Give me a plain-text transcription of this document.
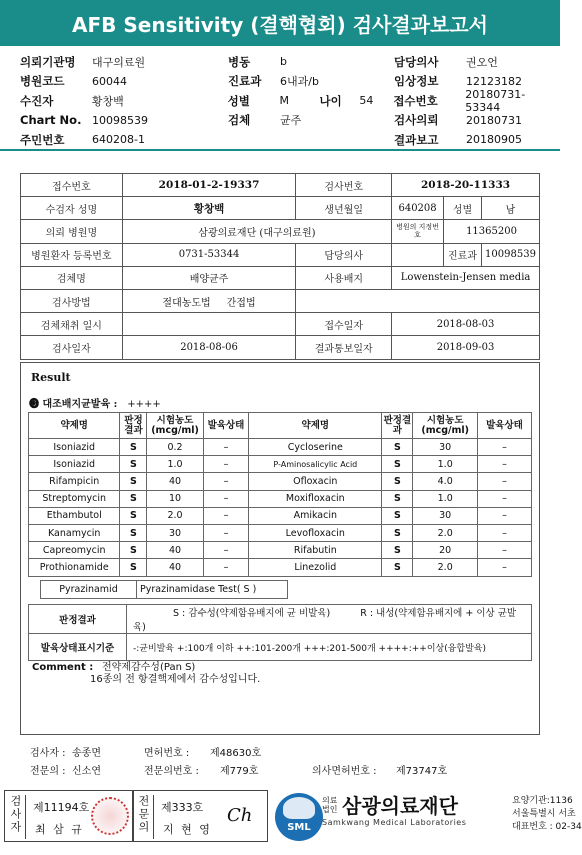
AFB Sensitivity (결핵협회) 검사결과보고서
의뢰기관명	대구의료원	병동	b	담당의사	권오언
병원코드	60044	진료과	6내과/b	임상정보	12123182
수진자	황창백	성별	M	나이	54	접수번호	20180731-53344
Chart No. 10098539	검체	균주	검사의뢰	20180731
주민번호	640208-1	결과보고	20180905
접수번호	2018-01-2-19337	검사번호	2018-20-11333		
수검자 성명	황창백	생년월일	640208	성별	남
의뢰 병원명	삼광의료재단 (대구의료원)		병원의 지정번호	11365200	
병원환자 등록번호	0731-53344	담당의사		진료과	10098539
검체명	배양균주	사용배지	Lowenstein-Jensen media		
검사방법	절대농도법 간접법				
검체채취 일시		접수일자	2018-08-03		
검사일자	2018-08-06	결과통보일자	2018-09-03		
Result
❸ 대조배지균발육 : ++++
약제명	판정결과	시험농도 (mcg/ml)	발육상태	약제명	판정결과	시험농도 (mcg/ml)	발육상태
Isoniazid	S	0.2	–	Cycloserine	S	30	–
Isoniazid	S	1.0	–	P-Aminosalicylic Acid	S	1.0	–
Rifampicin	S	40	–	Ofloxacin	S	4.0	–
Streptomycin	S	10	–	Moxifloxacin	S	1.0	–
Ethambutol	S	2.0	–	Amikacin	S	30	–
Kanamycin	S	30	–	Levofloxacin	S	2.0	–
Capreomycin	S	40	–	Rifabutin	S	20	–
Prothionamide	S	40	–	Linezolid	S	2.0	–
Pyrazinamid	Pyrazinamidase Test( S )
판정결과	S : 감수성(약제함유배지에 균 비발육) R : 내성(약제함유배지에 + 이상 균발육)
발육상태표시기준	-:균비발육 +:100개 이하 ++:101-200개 +++:201-500개 ++++:++이상(융합발육)
Comment : 전약제감수성(Pan S)
16종의 전 항결핵제에서 감수성입니다.
검사자 : 송종면	면허번호 :	제48630호
전문의 : 신소연	전문의번호 :	제779호	의사면허번호 :	제73747호
검사자	제11194호
최 삼 규	전문의	제333호
지 현 영
Ch
SML
의료법인 삼광의료재단
Samkwang Medical Laboratories
요양기관:1136
서울특별시 서초
대표번호 : 02-34
